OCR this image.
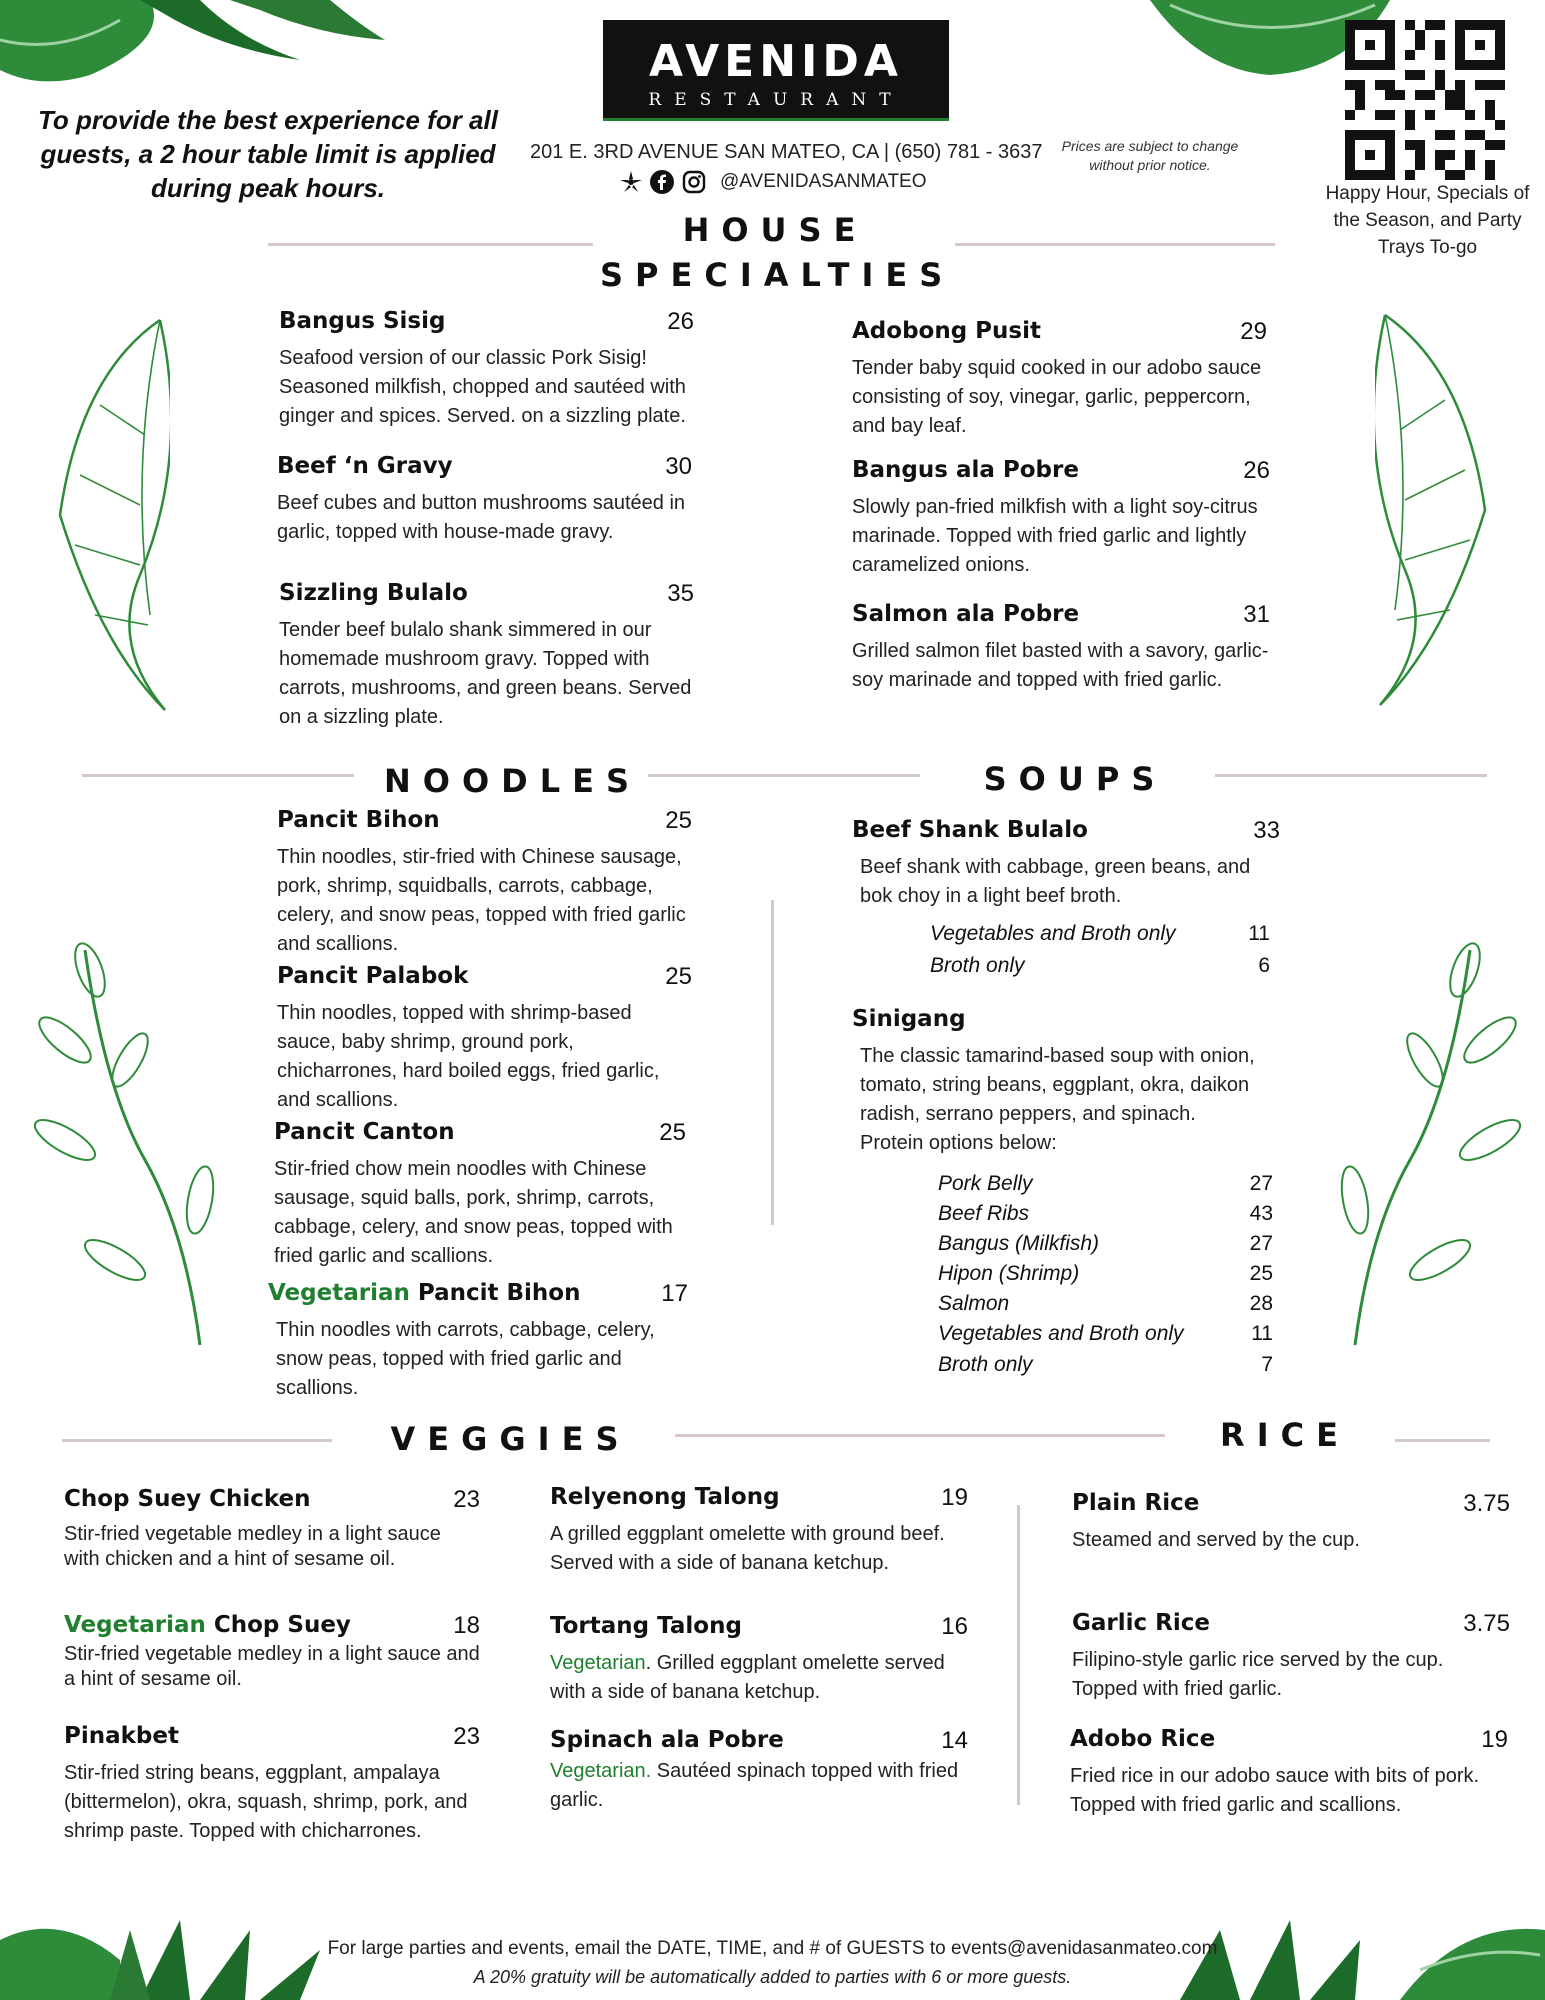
To provide the best experience for all guests, a 2 hour table limit is applied during peak hours.
AVENIDA
RESTAURANT
201 E. 3RD AVENUE SAN MATEO, CA | (650) 781 - 3637
@AVENIDASANMATEO
Prices are subject to change without prior notice.
Happy Hour, Specials of the Season, and Party Trays To-go
HOUSE SPECIALTIES
Bangus Sisig	26
Seafood version of our classic Pork Sisig! Seasoned milkfish, chopped and sautéed with ginger and spices. Served. on a sizzling plate.
Beef ‘n Gravy	30
Beef cubes and button mushrooms sautéed in garlic, topped with house-made gravy.
Sizzling Bulalo	35
Tender beef bulalo shank simmered in our homemade mushroom gravy. Topped with carrots, mushrooms, and green beans. Served on a sizzling plate.
Adobong Pusit	29
Tender baby squid cooked in our adobo sauce consisting of soy, vinegar, garlic, peppercorn, and bay leaf.
Bangus ala Pobre	26
Slowly pan-fried milkfish with a light soy-citrus marinade. Topped with fried garlic and lightly caramelized onions.
Salmon ala Pobre	31
Grilled salmon filet basted with a savory, garlic-soy marinade and topped with fried garlic.
NOODLES	SOUPS
Pancit Bihon	25
Thin noodles, stir-fried with Chinese sausage, pork, shrimp, squidballs, carrots, cabbage, celery, and snow peas, topped with fried garlic and scallions.
Pancit Palabok	25
Thin noodles, topped with shrimp-based sauce, baby shrimp, ground pork, chicharrones, hard boiled eggs, fried garlic, and scallions.
Pancit Canton	25
Stir-fried chow mein noodles with Chinese sausage, squid balls, pork, shrimp, carrots, cabbage, celery, and snow peas, topped with fried garlic and scallions.
Vegetarian Pancit Bihon	17
Thin noodles with carrots, cabbage, celery, snow peas, topped with fried garlic and scallions.
Beef Shank Bulalo	33
Beef shank with cabbage, green beans, and bok choy in a light beef broth.
Vegetables and Broth only	11
Broth only	6
Sinigang
The classic tamarind-based soup with onion, tomato, string beans, eggplant, okra, daikon radish, serrano peppers, and spinach.
Protein options below:
Pork Belly	27
Beef Ribs	43
Bangus (Milkfish)	27
Hipon (Shrimp)	25
Salmon	28
Vegetables and Broth only	11
Broth only	7
VEGGIES	RICE
Chop Suey Chicken	23
Stir-fried vegetable medley in a light sauce with chicken and a hint of sesame oil.
Vegetarian Chop Suey	18
Stir-fried vegetable medley in a light sauce and a hint of sesame oil.
Pinakbet	23
Stir-fried string beans, eggplant, ampalaya (bittermelon), okra, squash, shrimp, pork, and shrimp paste. Topped with chicharrones.
Relyenong Talong	19
A grilled eggplant omelette with ground beef. Served with a side of banana ketchup.
Tortang Talong	16
Vegetarian. Grilled eggplant omelette served with a side of banana ketchup.
Spinach ala Pobre	14
Vegetarian. Sautéed spinach topped with fried garlic.
Plain Rice	3.75
Steamed and served by the cup.
Garlic Rice	3.75
Filipino-style garlic rice served by the cup. Topped with fried garlic.
Adobo Rice	19
Fried rice in our adobo sauce with bits of pork. Topped with fried garlic and scallions.
For large parties and events, email the DATE, TIME, and # of GUESTS to events@avenidasanmateo.com
A 20% gratuity will be automatically added to parties with 6 or more guests.
